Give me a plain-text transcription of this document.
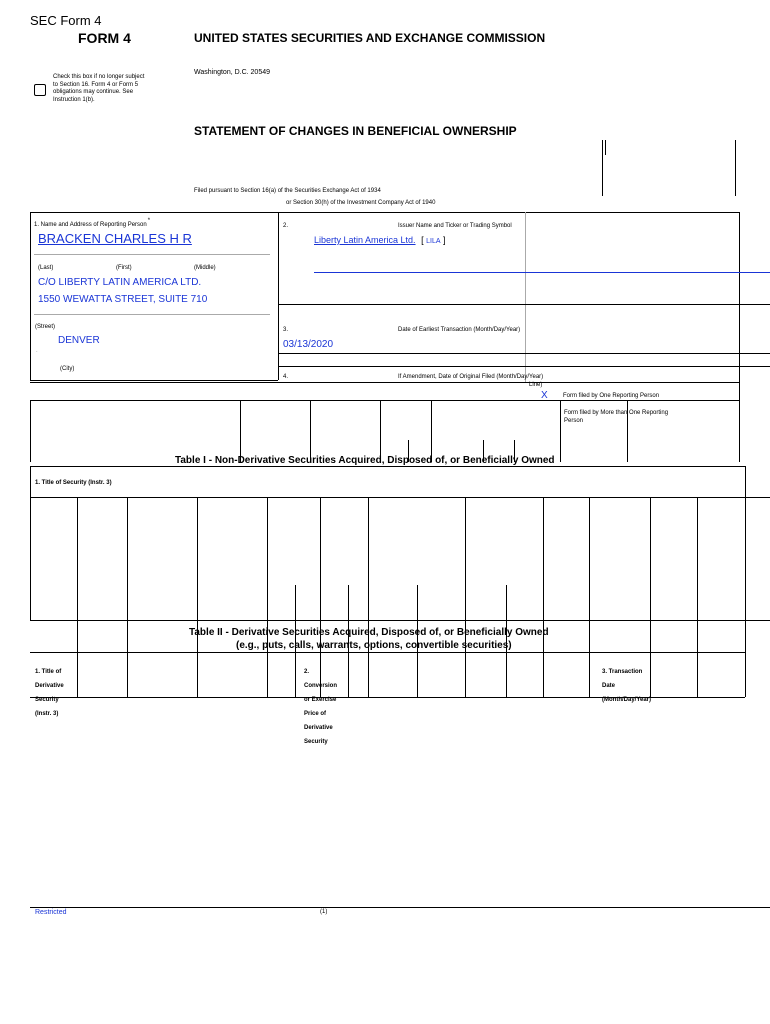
SEC Form 4
FORM 4	UNITED STATES SECURITIES AND EXCHANGE COMMISSION
Washington, D.C. 20549
Check this box if no longer subject
to Section 16. Form 4 or Form 5
obligations may continue. See
Instruction 1(b).
STATEMENT OF CHANGES IN BENEFICIAL OWNERSHIP
Filed pursuant to Section 16(a) of the Securities Exchange Act of 1934
or Section 30(h) of the Investment Company Act of 1940
1. Name and Address of Reporting Person*
BRACKEN CHARLES H R
(Last)	(First)	(Middle)
C/O LIBERTY LATIN AMERICA LTD.
1550 WEWATTA STREET, SUITE 710
(Street)
DENVER
.
(City)
2.	Issuer Name and Ticker or Trading Symbol
Liberty Latin America Ltd. [ LILA ]
3.	Date of Earliest Transaction (Month/Day/Year)
03/13/2020
4.	If Amendment, Date of Original Filed (Month/Day/Year)
Line)
X	Form filed by One Reporting Person
Form filed by More than One Reporting
Person
Table I - Non-Derivative Securities Acquired, Disposed of, or Beneficially Owned
1. Title of Security (Instr. 3)
Table II - Derivative Securities Acquired, Disposed of, or Beneficially Owned
(e.g., puts, calls, warrants, options, convertible securities)
1. Title of
Derivative
Security
(Instr. 3)
2.
Conversion
or Exercise
Price of
Derivative
Security
3. Transaction
Date
(Month/Day/Year)
Restricted	(1)
